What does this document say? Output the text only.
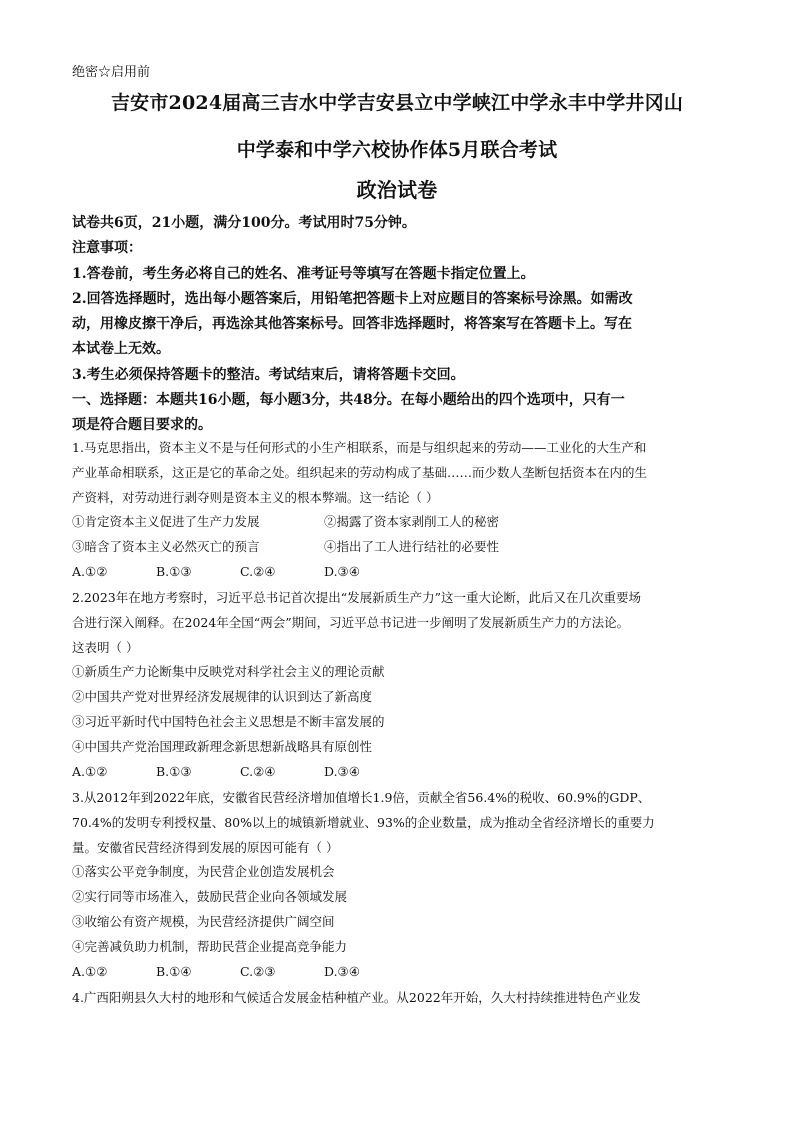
绝密☆启用前
吉安市2024届高三吉水中学吉安县立中学峡江中学永丰中学井冈山
中学泰和中学六校协作体5月联合考试
政治试卷
试卷共6页，21小题，满分100分。考试用时75分钟。
注意事项：
1.答卷前，考生务必将自己的姓名、准考证号等填写在答题卡指定位置上。
2.回答选择题时，选出每小题答案后，用铅笔把答题卡上对应题目的答案标号涂黑。如需改
动，用橡皮擦干净后，再选涂其他答案标号。回答非选择题时，将答案写在答题卡上。写在
本试卷上无效。
3.考生必须保持答题卡的整洁。考试结束后，请将答题卡交回。
一、选择题：本题共16小题，每小题3分，共48分。在每小题给出的四个选项中，只有一
项是符合题目要求的。
1.马克思指出，资本主义不是与任何形式的小生产相联系，而是与组织起来的劳动——工业化的大生产和
产业革命相联系，这正是它的革命之处。组织起来的劳动构成了基础……而少数人垄断包括资本在内的生
产资料，对劳动进行剥夺则是资本主义的根本弊端。这一结论（ ）
①肯定资本主义促进了生产力发展	②揭露了资本家剥削工人的秘密
③暗含了资本主义必然灭亡的预言	④指出了工人进行结社的必要性
A.①②	B.①③	C.②④	D.③④
2.2023年在地方考察时，习近平总书记首次提出“发展新质生产力”这一重大论断，此后又在几次重要场
合进行深入阐释。在2024年全国“两会”期间，习近平总书记进一步阐明了发展新质生产力的方法论。
这表明（ ）
①新质生产力论断集中反映党对科学社会主义的理论贡献
②中国共产党对世界经济发展规律的认识到达了新高度
③习近平新时代中国特色社会主义思想是不断丰富发展的
④中国共产党治国理政新理念新思想新战略具有原创性
A.①②	B.①③	C.②④	D.③④
3.从2012年到2022年底，安徽省民营经济增加值增长1.9倍，贡献全省56.4%的税收、60.9%的GDP、
70.4%的发明专利授权量、80%以上的城镇新增就业、93%的企业数量，成为推动全省经济增长的重要力
量。安徽省民营经济得到发展的原因可能有（ ）
①落实公平竞争制度，为民营企业创造发展机会
②实行同等市场准入，鼓励民营企业向各领域发展
③收缩公有资产规模，为民营经济提供广阔空间
④完善减负助力机制，帮助民营企业提高竞争能力
A.①②	B.①④	C.②③	D.③④
4.广西阳朔县久大村的地形和气候适合发展金桔种植产业。从2022年开始，久大村持续推进特色产业发
